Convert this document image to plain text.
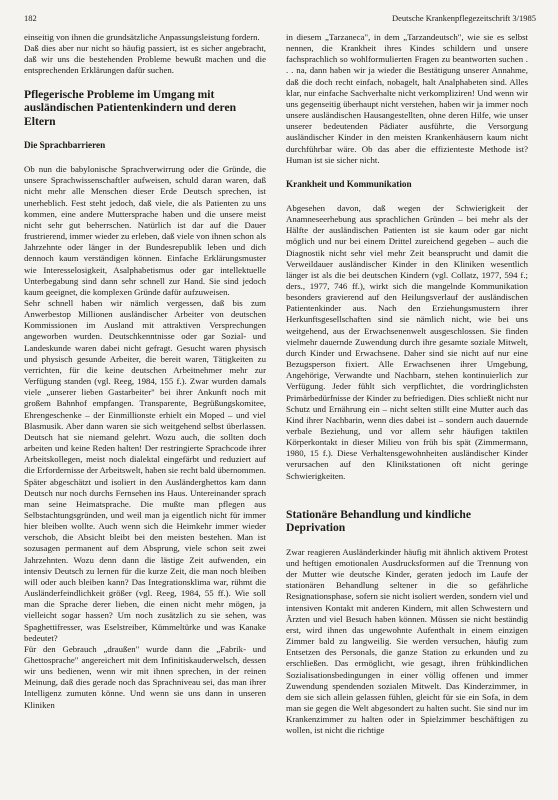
182	Deutsche Krankenpflegezeitschrift 3/1985

einseitig von ihnen die grundsätzliche Anpassungsleistung fordern.

Daß dies aber nur nicht so häufig passiert, ist es sicher angebracht, daß wir uns die bestehenden Probleme bewußt machen und die entsprechenden Erklärungen dafür suchen.

Pflegerische Probleme im Umgang mit ausländischen Patientenkindern und deren Eltern
Die Sprachbarrieren

Ob nun die babylonische Sprachverwirrung oder die Gründe, die unsere Sprachwissenschaftler aufweisen, schuld daran waren, daß nicht mehr alle Menschen dieser Erde Deutsch sprechen, ist unerheblich. Fest steht jedoch, daß viele, die als Patienten zu uns kommen, eine andere Muttersprache haben und die unsere meist nicht sehr gut beherrschen. Natürlich ist dar auf die Dauer frustrierend, immer wieder zu erleben, daß viele von ihnen schon als Jahrzehnte oder länger in der Bundesrepublik leben und dich dennoch kaum verständigen können. Einfache Erklärungsmuster wie Interesselosigkeit, Asalphabetismus oder gar intellektuelle Unterbegabung sind dann sehr schnell zur Hand. Sie sind jedoch kaum geeignet, die komplexen Gründe dafür aufzuweisen.

Sehr schnell haben wir nämlich vergessen, daß bis zum Anwerbestop Millionen ausländischer Arbeiter von deutschen Kommissionen im Ausland mit attraktiven Versprechungen angeworben wurden. Deutschkenntnisse oder gar Sozial- und Landeskunde waren dabei nicht gefragt. Gesucht waren physisch und physisch gesunde Arbeiter, die bereit waren, Tätigkeiten zu verrichten, für die keine deutschen Arbeitnehmer mehr zur Verfügung standen (vgl. Reeg, 1984, 155 f.). Zwar wurden damals viele „unserer lieben Gastarbeiter" bei ihrer Ankunft noch mit großem Bahnhof empfangen. Transparente, Begrüßungskomitee, Ehrengeschenke – der Einmillionste erhielt ein Moped – und viel Blasmusik. Aber dann waren sie sich weitgehend selbst überlassen. Deutsch hat sie niemand gelehrt. Wozu auch, die sollten doch arbeiten und keine Reden halten! Der restringierte Sprachcode ihrer Arbeitskollegen, meist noch dialektal eingefärbt und reduziert auf die Erfordernisse der Arbeitswelt, haben sie recht bald übernommen. Später abgeschätzt und isoliert in den Ausländerghettos kam dann Deutsch nur noch durchs Fernsehen ins Haus. Untereinander sprach man seine Heimatsprache. Die mußte man pflegen aus Selbstachtungsgründen, und weil man ja eigentlich nicht für immer hier bleiben wollte. Auch wenn sich die Heimkehr immer wieder verschob, die Absicht bleibt bei den meisten bestehen. Man ist sozusagen permanent auf dem Absprung, viele schon seit zwei Jahrzehnten. Wozu denn dann die lästige Zeit aufwenden, ein intensiv Deutsch zu lernen für die kurze Zeit, die man noch bleiben will oder auch bleiben kann? Das Integrationsklima war, rühmt die Ausländerfeindlichkeit größer (vgl. Reeg, 1984, 55 ff.). Wie soll man die Sprache derer lieben, die einen nicht mehr mögen, ja vielleicht sogar hassen? Um noch zusätzlich zu sie sehen, was Spaghettifresser, was Eselstreiber, Kümmeltürke und was Kanake bedeutet?

Für den Gebrauch „draußen" wurde dann die „Fabrik- und Ghettosprache" angereichert mit dem Infinitiskauderwelsch, dessen wir uns bedienen, wenn wir mit ihnen sprechen, in der reinen Meinung, daß dies gerade noch das Sprachniveau sei, das man ihrer Intelligenz zumuten könne. Und wenn sie uns dann in unseren Kliniken

in diesem „Tarzaneca", in dem „Tarzandeutsch", wie sie es selbst nennen, die Krankheit ihres Kindes schildern und unsere fachsprachlich so wohlformulierten Fragen zu beantworten suchen . . . na, dann haben wir ja wieder die Bestätigung unserer Annahme, daß die doch recht einfach, nobagelt, halt Analphabeten sind. Alles klar, nur einfache Sachverhalte nicht verkompliziren! Und wenn wir uns gegenseitig überhaupt nicht verstehen, haben wir ja immer noch unsere ausländischen Hausangestellten, ohne deren Hilfe, wie unser unserer bedeutenden Pädiater ausführte, die Versorgung ausländischer Kinder in den meisten Krankenhäusern kaum nicht durchführbar wäre. Ob das aber die effizienteste Methode ist? Human ist sie sicher nicht.

Krankheit und Kommunikation

Abgesehen davon, daß wegen der Schwierigkeit der Anamneseerhebung aus sprachlichen Gründen – bei mehr als der Hälfte der ausländischen Patienten ist sie kaum oder gar nicht möglich und nur bei einem Drittel zureichend gegeben – auch die Diagnostik nicht sehr viel mehr Zeit beansprucht und damit die Verweildauer ausländischer Kinder in den Kliniken wesentlich länger ist als die bei deutschen Kindern (vgl. Collatz, 1977, 594 f.; ders., 1977, 746 ff.), wirkt sich die mangelnde Kommunikation besonders gravierend auf den Heilungsverlauf der ausländischen Patientenkinder aus. Nach den Erziehungsmustern ihrer Herkunftsgesellschaften sind sie nämlich nicht, wie bei uns weitgehend, aus der Erwachsenenwelt ausgeschlossen. Sie finden vielmehr dauernde Zuwendung durch ihre gesamte soziale Mitwelt, durch Kinder und Erwachsene. Daher sind sie nicht auf nur eine Bezugsperson fixiert. Alle Erwachsenen ihrer Umgebung, Angehörige, Verwandte und Nachbarn, stehen kontinuierlich zur Verfügung. Jeder fühlt sich verpflichtet, die vordringlichsten Primärbedürfnisse der Kinder zu befriedigen. Dies schließt nicht nur Schutz und Ernährung ein – nicht selten stillt eine Mutter auch das Kind ihrer Nachbarin, wenn dies dabei ist – sondern auch dauernde verbale Beziehung, und vor allem sehr häufigen taktilen Körperkontakt in dieser Milieu von früh bis spät (Zimmermann, 1980, 15 f.). Diese Verhaltensgewohnheiten ausländischer Kinder verursachen auf den Klinikstationen oft nicht geringe Schwierigkeiten.

Stationäre Behandlung und kindliche Deprivation

Zwar reagieren Ausländerkinder häufig mit ähnlich aktivem Protest und heftigen emotionalen Ausdrucksformen auf die Trennung von der Mutter wie deutsche Kinder, geraten jedoch im Laufe der stationären Behandlung seltener in die so gefährliche Resignationsphase, sofern sie nicht isoliert werden, sondern viel und intensiven Kontakt mit anderen Kindern, mit allen Schwestern und Ärzten und viel Besuch haben können. Müssen sie nicht beständig erst, wird ihnen das ungewohnte Aufenthalt in einem einzigen Zimmer bald zu langweilig. Sie werden versuchen, häufig zum Entsetzen des Personals, die ganze Station zu erkunden und zu erschließen. Das ermöglicht, wie gesagt, ihren frühkindlichen Sozialisationsbedingungen in einer völlig offenen und immer Zuwendung spendenden sozialen Mitwelt. Das Kinderzimmer, in dem sie sich allein gelassen fühlen, gleicht für sie ein Sofa, in dem man sie gegen die Welt abgesondert zu halten sucht. Sie sind nur im Krankenzimmer zu halten oder in Spielzimmer beschäftigen zu wollen, ist nicht die richtige
